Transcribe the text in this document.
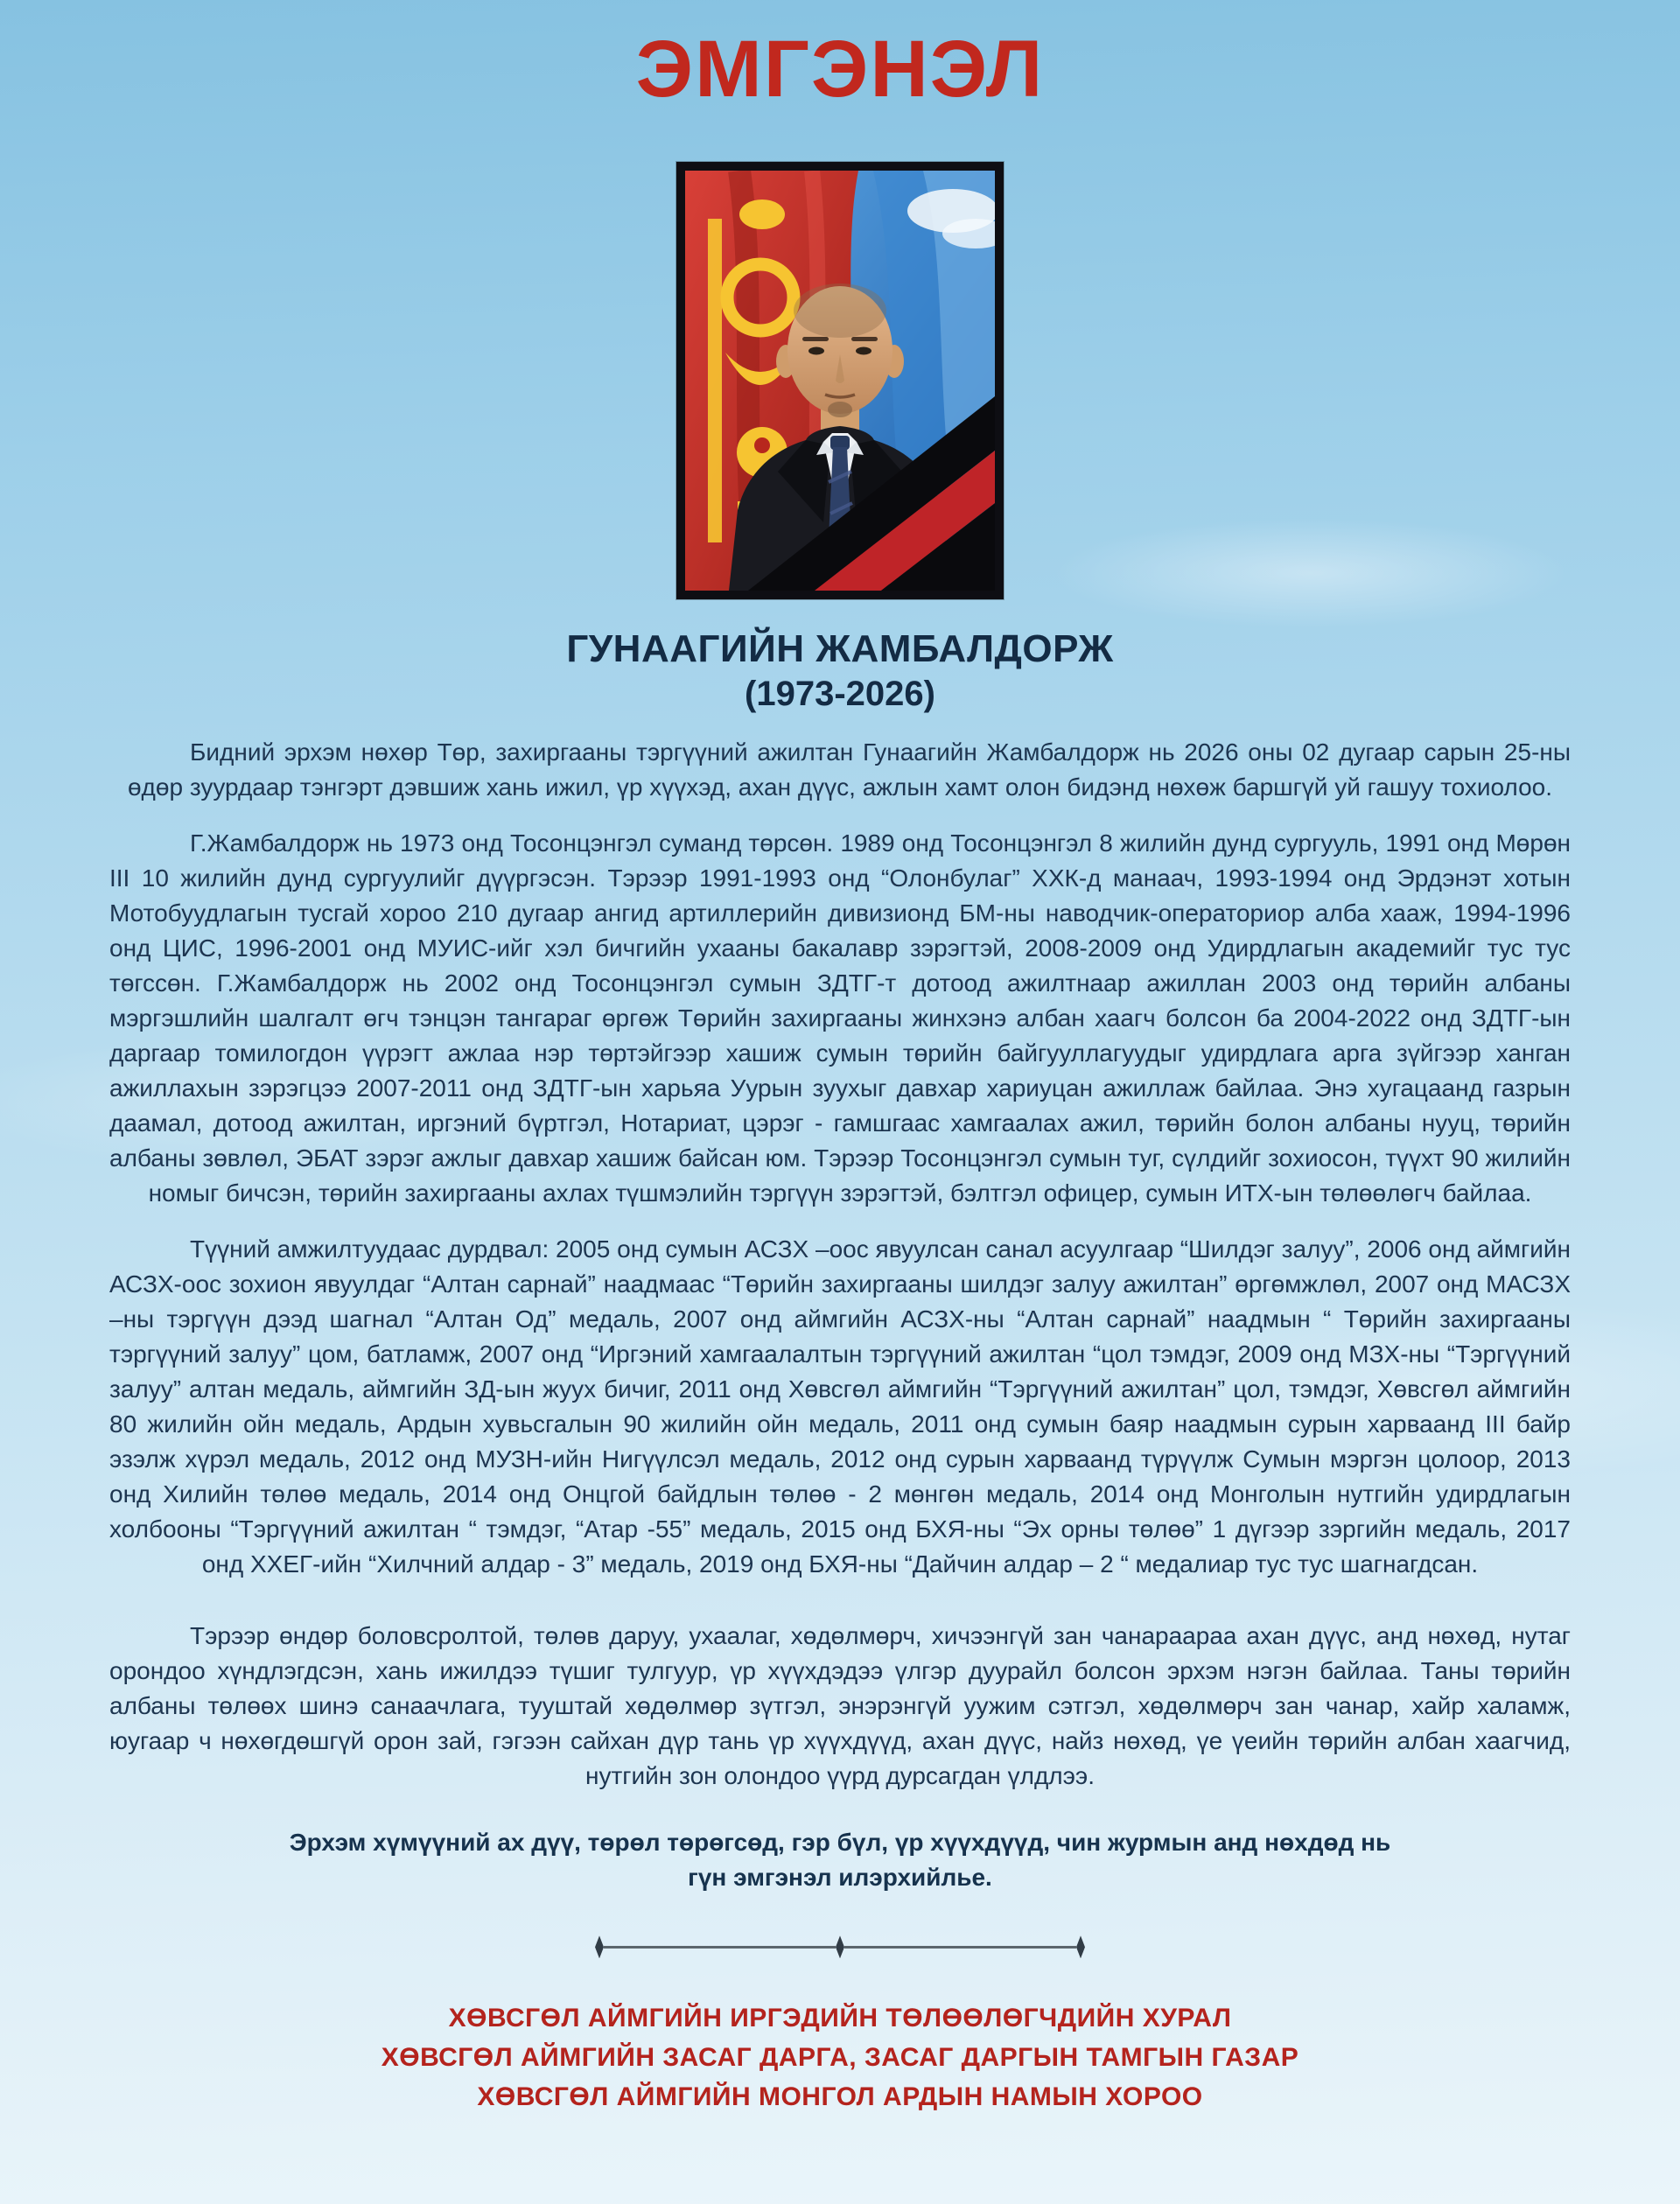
ЭМГЭНЭЛ
ГУНААГИЙН ЖАМБАЛДОРЖ
(1973-2026)

Бидний эрхэм нөхөр Төр, захиргааны тэргүүний ажилтан Гунаагийн Жамбалдорж нь 2026 оны 02 дугаар сарын 25-ны өдөр зуурдаар тэнгэрт дэвшиж хань ижил, үр хүүхэд, ахан дүүс, ажлын хамт олон бидэнд нөхөж баршгүй уй гашуу тохиолоо.

Г.Жамбалдорж нь 1973 онд Тосонцэнгэл суманд төрсөн. 1989 онд Тосонцэнгэл 8 жилийн дунд сургууль, 1991 онд Мөрөн III 10 жилийн дунд сургуулийг дүүргэсэн. Тэрээр 1991-1993 онд “Олонбулаг” ХХК-д манаач, 1993-1994 онд Эрдэнэт хотын Мотобуудлагын тусгай хороо 210 дугаар ангид артиллерийн дивизионд БМ-ны наводчик-операториор алба хааж, 1994-1996 онд ЦИС, 1996-2001 онд МУИС-ийг хэл бичгийн ухааны бакалавр зэрэгтэй, 2008-2009 онд Удирдлагын академийг тус тус төгссөн. Г.Жамбалдорж нь 2002 онд Тосонцэнгэл сумын ЗДТГ-т дотоод ажилтнаар ажиллан 2003 онд төрийн албаны мэргэшлийн шалгалт өгч тэнцэн тангараг өргөж Төрийн захиргааны жинхэнэ албан хаагч болсон ба 2004-2022 онд ЗДТГ-ын даргаар томилогдон үүрэгт ажлаа нэр төртэйгээр хашиж сумын төрийн байгууллагуудыг удирдлага арга зүйгээр ханган ажиллахын зэрэгцээ 2007-2011 онд ЗДТГ-ын харьяа Уурын зуухыг давхар хариуцан ажиллаж байлаа. Энэ хугацаанд газрын даамал, дотоод ажилтан, иргэний бүртгэл, Нотариат, цэрэг - гамшгаас хамгаалах ажил, төрийн болон албаны нууц, төрийн албаны зөвлөл, ЭБАТ зэрэг ажлыг давхар хашиж байсан юм. Тэрээр Тосонцэнгэл сумын туг, сүлдийг зохиосон, түүхт 90 жилийн номыг бичсэн, төрийн захиргааны ахлах түшмэлийн тэргүүн зэрэгтэй, бэлтгэл офицер, сумын ИТХ-ын төлөөлөгч байлаа.

Түүний амжилтуудаас дурдвал: 2005 онд сумын АСЗХ –оос явуулсан санал асуулгаар “Шилдэг залуу”, 2006 онд аймгийн АСЗХ-оос зохион явуулдаг “Алтан сарнай” наадмаас “Төрийн захиргааны шилдэг залуу ажилтан” өргөмжлөл, 2007 онд МАСЗХ –ны тэргүүн дээд шагнал “Алтан Од” медаль, 2007 онд аймгийн АСЗХ-ны “Алтан сарнай” наадмын “ Төрийн захиргааны тэргүүний залуу” цом, батламж, 2007 онд “Иргэний хамгаалалтын тэргүүний ажилтан “цол тэмдэг, 2009 онд МЗХ-ны “Тэргүүний залуу” алтан медаль, аймгийн ЗД-ын жуух бичиг, 2011 онд Хөвсгөл аймгийн “Тэргүүний ажилтан” цол, тэмдэг, Хөвсгөл аймгийн 80 жилийн ойн медаль, Ардын хувьсгалын 90 жилийн ойн медаль, 2011 онд сумын баяр наадмын сурын харваанд III байр эзэлж хүрэл медаль, 2012 онд МУЗН-ийн Нигүүлсэл медаль, 2012 онд сурын харваанд түрүүлж Сумын мэргэн цолоор, 2013 онд Хилийн төлөө медаль, 2014 онд Онцгой байдлын төлөө - 2 мөнгөн медаль, 2014 онд Монголын нутгийн удирдлагын холбооны “Тэргүүний ажилтан “ тэмдэг, “Атар -55” медаль, 2015 онд БХЯ-ны “Эх орны төлөө” 1 дүгээр зэргийн медаль, 2017 онд ХХЕГ-ийн “Хилчний алдар - 3” медаль, 2019 онд БХЯ-ны “Дайчин алдар – 2 “ медалиар тус тус шагнагдсан.

Тэрээр өндөр боловсролтой, төлөв даруу, ухаалаг, хөдөлмөрч, хичээнгүй зан чанараараа ахан дүүс, анд нөхөд, нутаг орондоо хүндлэгдсэн, хань ижилдээ түшиг тулгуур, үр хүүхдэдээ үлгэр дуурайл болсон эрхэм нэгэн байлаа. Таны төрийн албаны төлөөх шинэ санаачлага, тууштай хөдөлмөр зүтгэл, энэрэнгүй уужим сэтгэл, хөдөлмөрч зан чанар, хайр халамж, юугаар ч нөхөгдөшгүй орон зай, гэгээн сайхан дүр тань үр хүүхдүүд, ахан дүүс, найз нөхөд, үе үеийн төрийн албан хаагчид, нутгийн зон олондоо үүрд дурсагдан үлдлээ.

Эрхэм хүмүүний ах дүү, төрөл төрөгсөд, гэр бүл, үр хүүхдүүд, чин журмын анд нөхдөд нь
гүн эмгэнэл илэрхийлье.
ХӨВСГӨЛ АЙМГИЙН ИРГЭДИЙН ТӨЛӨӨЛӨГЧДИЙН ХУРАЛ
ХӨВСГӨЛ АЙМГИЙН ЗАСАГ ДАРГА, ЗАСАГ ДАРГЫН ТАМГЫН ГАЗАР
ХӨВСГӨЛ АЙМГИЙН МОНГОЛ АРДЫН НАМЫН ХОРОО
